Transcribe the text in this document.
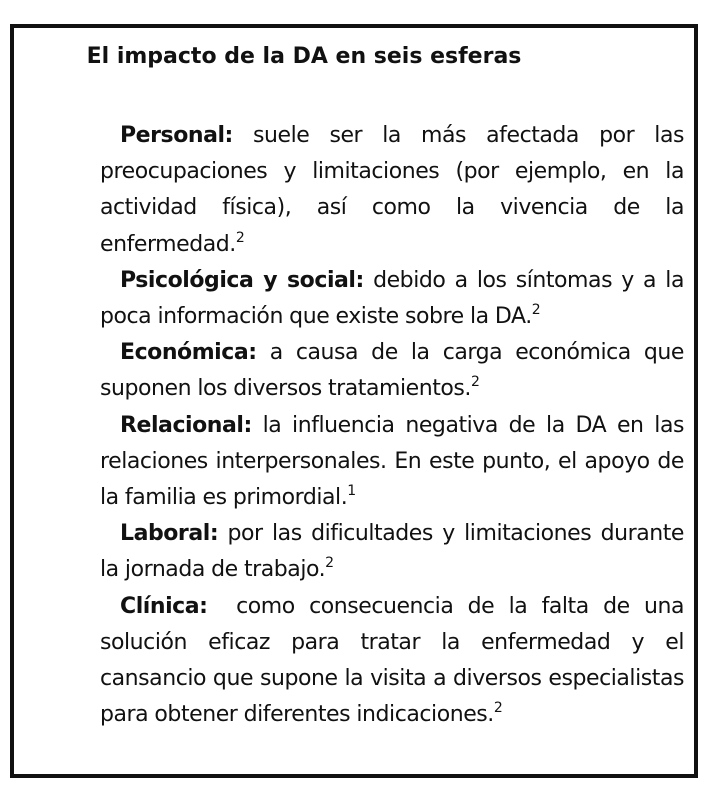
El impacto de la DA en seis esferas

Personal: suele ser la más afectada por las preocupaciones y limitaciones (por ejemplo, en la actividad física), así como la vivencia de la enfermedad.$^2$

Psicológica y social: debido a los síntomas y a la poca información que existe sobre la DA.$^2$

Económica: a causa de la carga económica que suponen los diversos tratamientos.$^2$

Relacional: la influencia negativa de la DA en las relaciones interpersonales. En este punto, el apoyo de la familia es primordial.$^1$

Laboral: por las dificultades y limitaciones durante la jornada de trabajo.$^2$

Clínica:  como consecuencia de la falta de una solución eficaz para tratar la enfermedad y el cansancio que supone la visita a diversos especialistas para obtener diferentes indicaciones.$^2$
